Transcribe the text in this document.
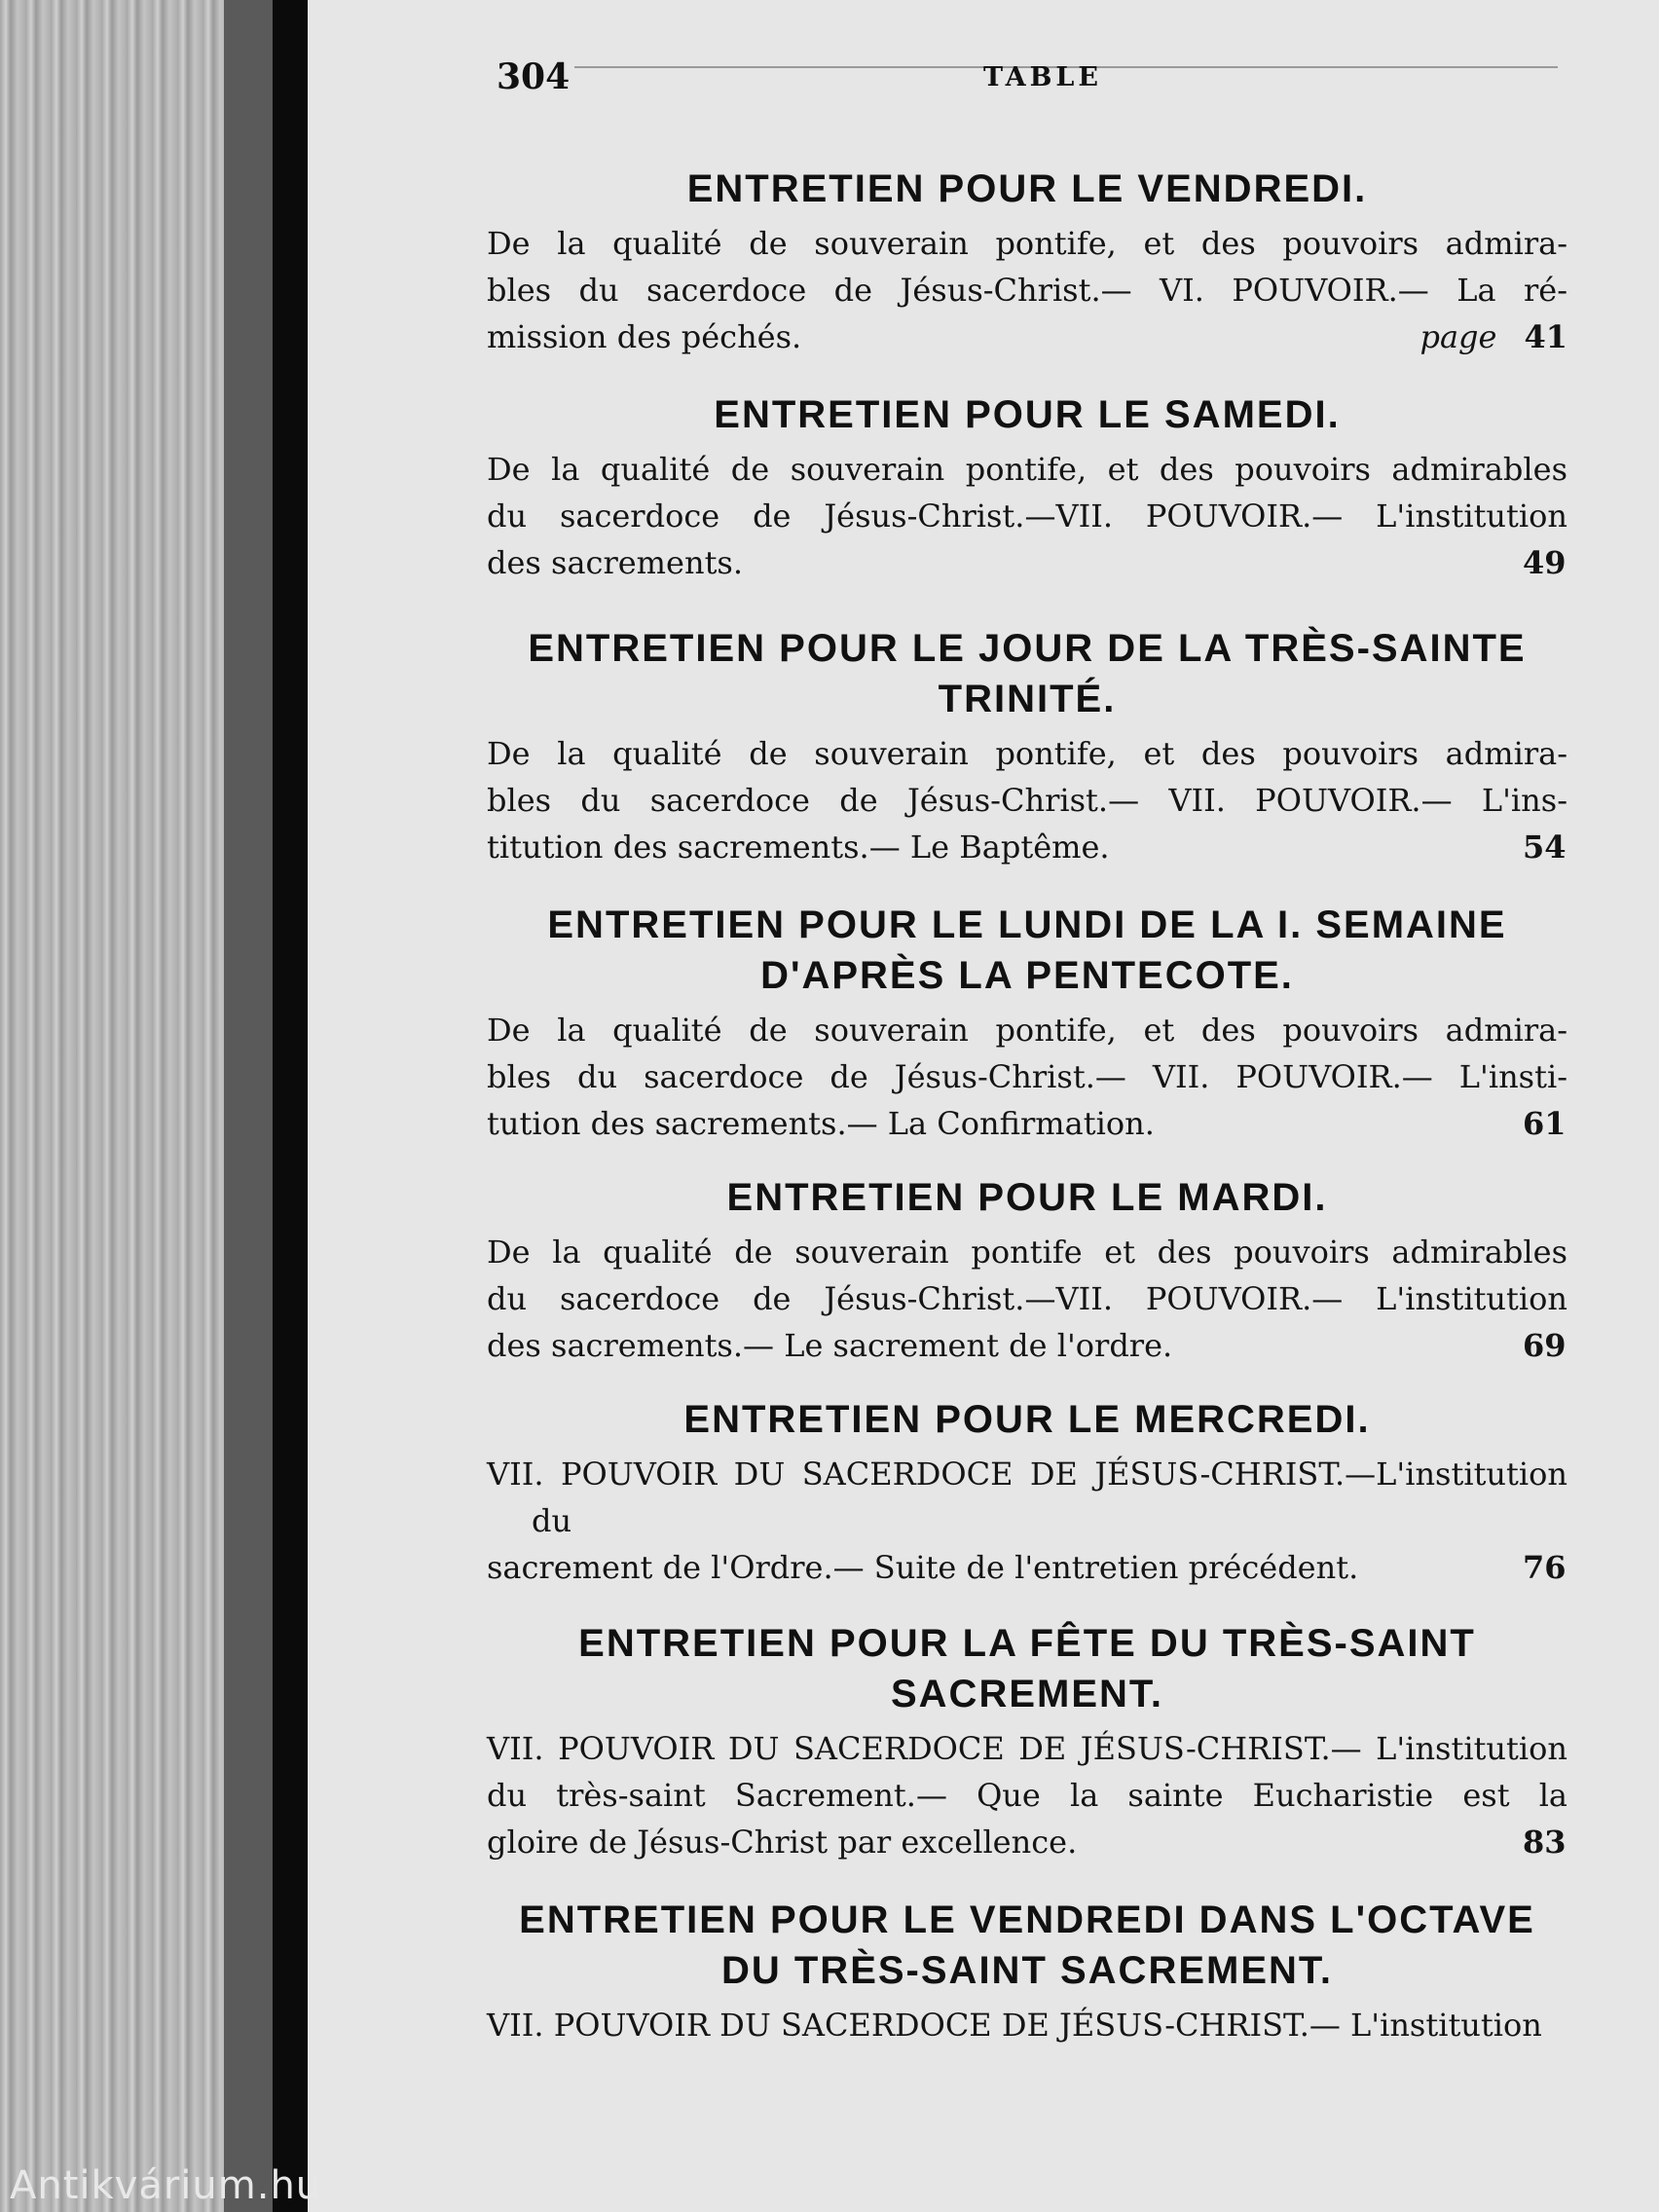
Antikvárium.hu
304	TABLE
ENTRETIEN POUR LE VENDREDI.
De la qualité de souverain pontife, et des pouvoirs admira-
bles du sacerdoce de Jésus-Christ.— VI. POUVOIR.— La ré-
mission des péchés.	page 41
ENTRETIEN POUR LE SAMEDI.
De la qualité de souverain pontife, et des pouvoirs admirables
du sacerdoce de Jésus-Christ.—VII. POUVOIR.— L'institution
des sacrements.	49
ENTRETIEN POUR LE JOUR DE LA TRÈS-SAINTE
TRINITÉ.
De la qualité de souverain pontife, et des pouvoirs admira-
bles du sacerdoce de Jésus-Christ.— VII. POUVOIR.— L'ins-
titution des sacrements.— Le Baptême.	54
ENTRETIEN POUR LE LUNDI DE LA I. SEMAINE
D'APRÈS LA PENTECOTE.
De la qualité de souverain pontife, et des pouvoirs admira-
bles du sacerdoce de Jésus-Christ.— VII. POUVOIR.— L'insti-
tution des sacrements.— La Confirmation.	61
ENTRETIEN POUR LE MARDI.
De la qualité de souverain pontife et des pouvoirs admirables
du sacerdoce de Jésus-Christ.—VII. POUVOIR.— L'institution
des sacrements.— Le sacrement de l'ordre.	69
ENTRETIEN POUR LE MERCREDI.
VII. POUVOIR DU SACERDOCE DE JÉSUS-CHRIST.—L'institution du
sacrement de l'Ordre.— Suite de l'entretien précédent.	76
ENTRETIEN POUR LA FÊTE DU TRÈS-SAINT
SACREMENT.
VII. POUVOIR DU SACERDOCE DE JÉSUS-CHRIST.— L'institution
du très-saint Sacrement.— Que la sainte Eucharistie est la
gloire de Jésus-Christ par excellence.	83
ENTRETIEN POUR LE VENDREDI DANS L'OCTAVE
DU TRÈS-SAINT SACREMENT.
VII. POUVOIR DU SACERDOCE DE JÉSUS-CHRIST.— L'institution
